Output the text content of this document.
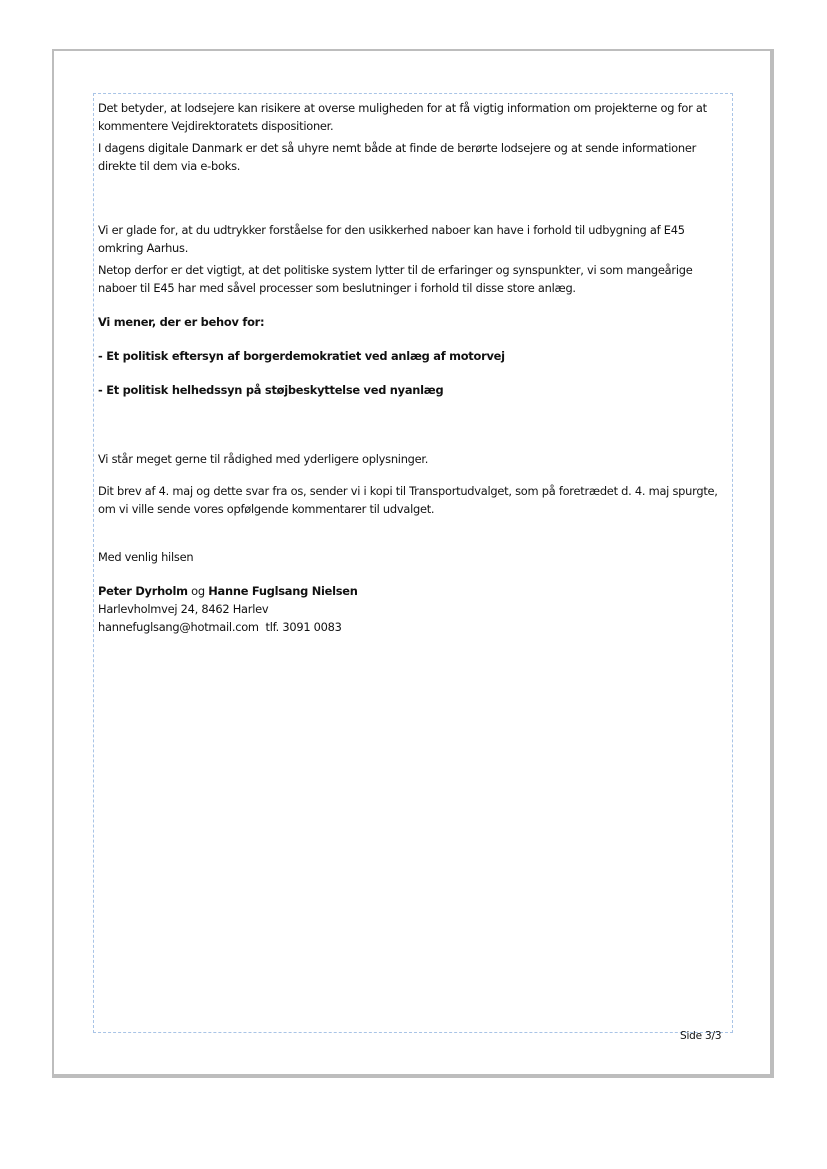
Det betyder, at lodsejere kan risikere at overse muligheden for at få vigtig information om projekterne og for at kommentere Vejdirektoratets dispositioner.

I dagens digitale Danmark er det så uhyre nemt både at finde de berørte lodsejere og at sende informationer direkte til dem via e-boks.

Vi er glade for, at du udtrykker forståelse for den usikkerhed naboer kan have i forhold til udbygning af E45 omkring Aarhus.

Netop derfor er det vigtigt, at det politiske system lytter til de erfaringer og synspunkter, vi som mangeårige naboer til E45 har med såvel processer som beslutninger i forhold til disse store anlæg.

Vi mener, der er behov for:

- Et politisk eftersyn af borgerdemokratiet ved anlæg af motorvej

- Et politisk helhedssyn på støjbeskyttelse ved nyanlæg

Vi står meget gerne til rådighed med yderligere oplysninger.

Dit brev af 4. maj og dette svar fra os, sender vi i kopi til Transportudvalget, som på foretrædet d. 4. maj spurgte, om vi ville sende vores opfølgende kommentarer til udvalget.

Med venlig hilsen

Peter Dyrholm og Hanne Fuglsang Nielsen

Harlevholmvej 24, 8462 Harlev

hannefuglsang@hotmail.com  tlf. 3091 0083

Side 3/3
